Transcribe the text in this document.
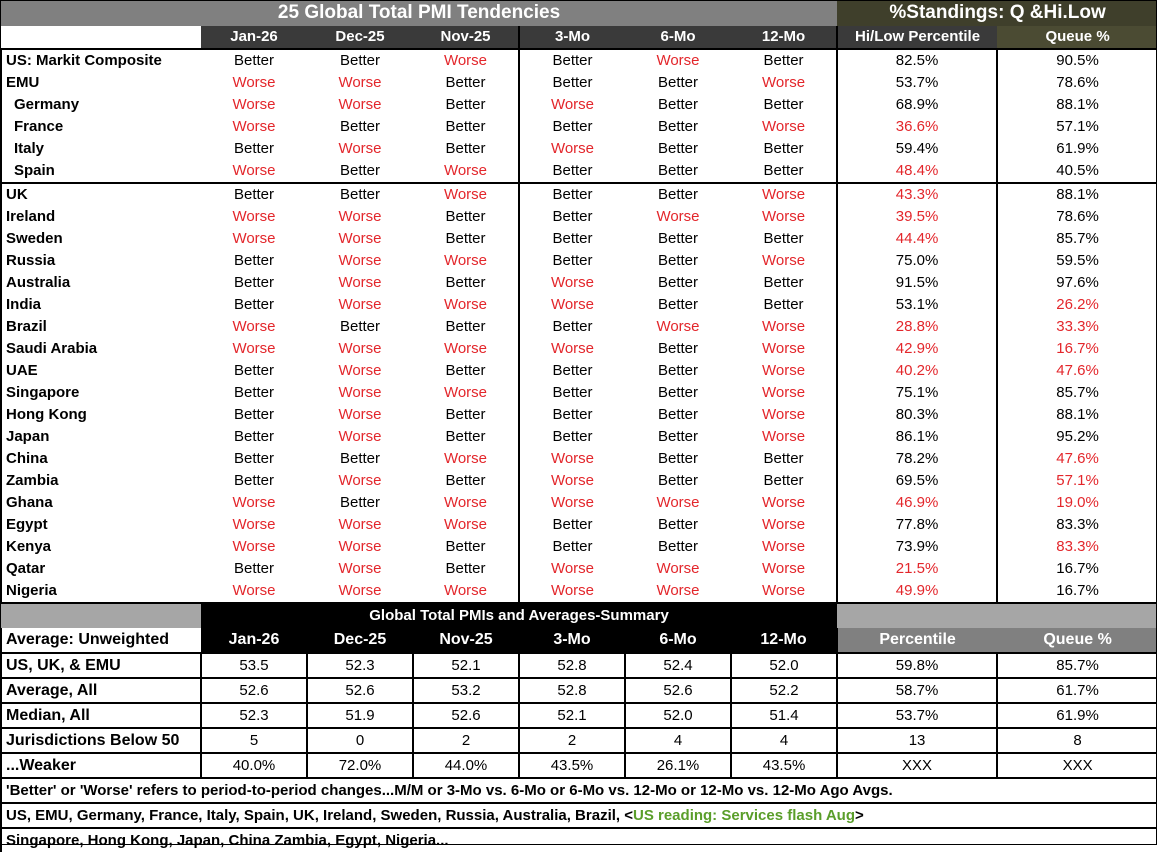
25 Global Total PMI Tendencies							%Standings: Q &Hi.Low	
	Jan-26	Dec-25	Nov-25	3-Mo	6-Mo	12-Mo	Hi/Low Percentile	Queue %
US: Markit Composite	Better	Better	Worse	Better	Worse	Better	82.5%	90.5%
EMU	Worse	Worse	Better	Better	Better	Worse	53.7%	78.6%
Germany	Worse	Worse	Better	Worse	Better	Better	68.9%	88.1%
France	Worse	Better	Better	Better	Better	Worse	36.6%	57.1%
Italy	Better	Worse	Better	Worse	Better	Better	59.4%	61.9%
Spain	Worse	Better	Worse	Better	Better	Better	48.4%	40.5%
UK	Better	Better	Worse	Better	Better	Worse	43.3%	88.1%
Ireland	Worse	Worse	Better	Better	Worse	Worse	39.5%	78.6%
Sweden	Worse	Worse	Better	Better	Better	Better	44.4%	85.7%
Russia	Better	Worse	Worse	Better	Better	Worse	75.0%	59.5%
Australia	Better	Worse	Better	Worse	Better	Better	91.5%	97.6%
India	Better	Worse	Worse	Worse	Better	Better	53.1%	26.2%
Brazil	Worse	Better	Better	Better	Worse	Worse	28.8%	33.3%
Saudi Arabia	Worse	Worse	Worse	Worse	Better	Worse	42.9%	16.7%
UAE	Better	Worse	Better	Better	Better	Worse	40.2%	47.6%
Singapore	Better	Worse	Worse	Better	Better	Worse	75.1%	85.7%
Hong Kong	Better	Worse	Better	Better	Better	Worse	80.3%	88.1%
Japan	Better	Worse	Better	Better	Better	Worse	86.1%	95.2%
China	Better	Better	Worse	Worse	Better	Better	78.2%	47.6%
Zambia	Better	Worse	Better	Worse	Better	Better	69.5%	57.1%
Ghana	Worse	Better	Worse	Worse	Worse	Worse	46.9%	19.0%
Egypt	Worse	Worse	Worse	Better	Better	Worse	77.8%	83.3%
Kenya	Worse	Worse	Better	Better	Better	Worse	73.9%	83.3%
Qatar	Better	Worse	Better	Worse	Worse	Worse	21.5%	16.7%
Nigeria	Worse	Worse	Worse	Worse	Worse	Worse	49.9%	16.7%
	Global Total PMIs and Averages-Summary							
Average: Unweighted	Jan-26	Dec-25	Nov-25	3-Mo	6-Mo	12-Mo	Percentile	Queue %
US, UK, & EMU	53.5	52.3	52.1	52.8	52.4	52.0	59.8%	85.7%
Average, All	52.6	52.6	53.2	52.8	52.6	52.2	58.7%	61.7%
Median, All	52.3	51.9	52.6	52.1	52.0	51.4	53.7%	61.9%
Jurisdictions Below 50	5	0	2	2	4	4	13	8
...Weaker	40.0%	72.0%	44.0%	43.5%	26.1%	43.5%	XXX	XXX
'Better' or 'Worse' refers to period-to-period changes...M/M or 3-Mo vs. 6-Mo or 6-Mo vs. 12-Mo or 12-Mo vs. 12-Mo Ago Avgs.								
US, EMU, Germany, France, Italy, Spain, UK, Ireland, Sweden, Russia, Australia, Brazil, <US reading: Services flash Aug>								
Singapore, Hong Kong, Japan, China Zambia, Egypt, Nigeria...								
